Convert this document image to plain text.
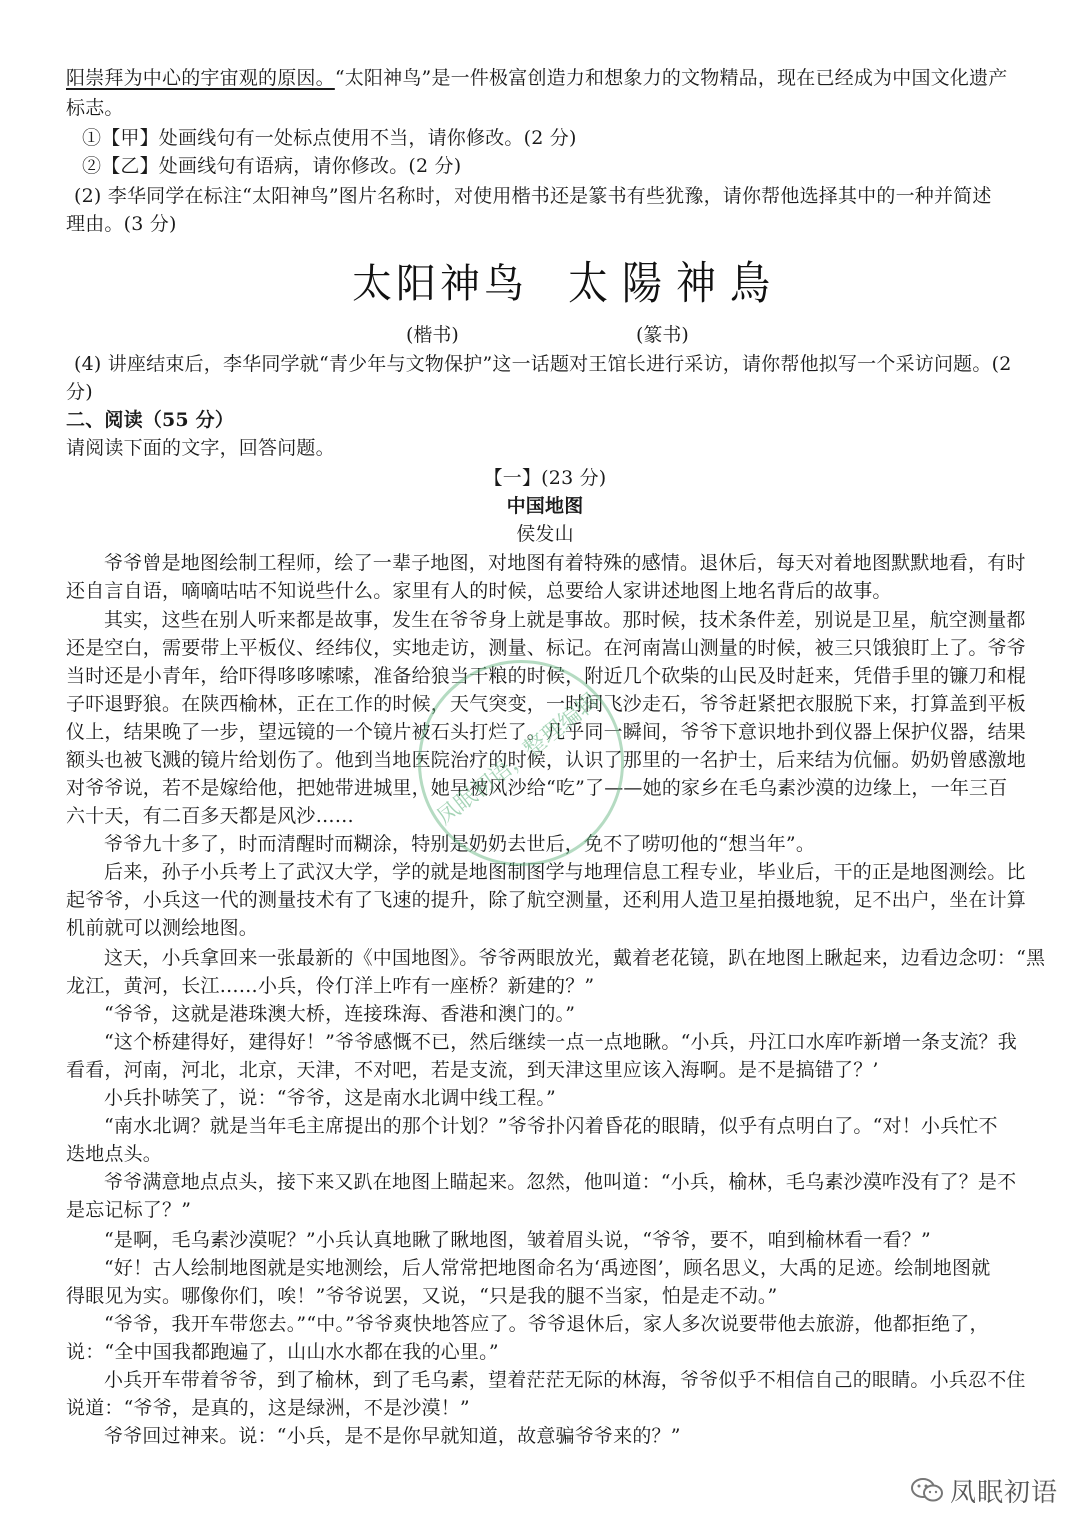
阳崇拜为中心的宇宙观的原因。“太阳神鸟”是一件极富创造力和想象力的文物精品，现在已经成为中国文化遗产
标志。
①【甲】处画线句有一处标点使用不当，请你修改。(2 分)
②【乙】处画线句有语病，请你修改。(2 分)
(2) 李华同学在标注“太阳神鸟”图片名称时，对使用楷书还是篆书有些犹豫，请你帮他选择其中的一种并简述
理由。(3 分)
太阳神鸟 太陽神鳥
(楷书)	(篆书)
(4) 讲座结束后，李华同学就“青少年与文物保护”这一话题对王馆长进行采访，请你帮他拟写一个采访问题。(2
分)
二、阅读（55 分）
请阅读下面的文字，回答问题。
【一】(23 分)
中国地图
侯发山
爷爷曾是地图绘制工程师，绘了一辈子地图，对地图有着特殊的感情。退休后，每天对着地图默默地看，有时
还自言自语，嘀嘀咕咕不知说些什么。家里有人的时候，总要给人家讲述地图上地名背后的故事。
其实，这些在别人听来都是故事，发生在爷爷身上就是事故。那时候，技术条件差，别说是卫星，航空测量都
还是空白，需要带上平板仪、经纬仪，实地走访，测量、标记。在河南嵩山测量的时候，被三只饿狼盯上了。爷爷
当时还是小青年，给吓得哆哆嗦嗦，准备给狼当干粮的时候，附近几个砍柴的山民及时赶来，凭借手里的镰刀和棍
子吓退野狼。在陕西榆林，正在工作的时候，天气突变，一时间飞沙走石，爷爷赶紧把衣服脱下来，打算盖到平板
仪上，结果晚了一步，望远镜的一个镜片被石头打烂了。几乎同一瞬间，爷爷下意识地扑到仪器上保护仪器，结果
额头也被飞溅的镜片给划伤了。他到当地医院治疗的时候，认识了那里的一名护士，后来结为伉俪。奶奶曾感激地
对爷爷说，若不是嫁给他，把她带进城里，她早被风沙给“吃”了——她的家乡在毛乌素沙漠的边缘上，一年三百
六十天，有二百多天都是风沙……
爷爷九十多了，时而清醒时而糊涂，特别是奶奶去世后，免不了唠叨他的“想当年”。
后来，孙子小兵考上了武汉大学，学的就是地图制图学与地理信息工程专业，毕业后，干的正是地图测绘。比
起爷爷，小兵这一代的测量技术有了飞速的提升，除了航空测量，还利用人造卫星拍摄地貌，足不出户，坐在计算
机前就可以测绘地图。
这天，小兵拿回来一张最新的《中国地图》。爷爷两眼放光，戴着老花镜，趴在地图上瞅起来，边看边念叨：“黑
龙江，黄河，长江……小兵，伶仃洋上咋有一座桥？新建的？”
“爷爷，这就是港珠澳大桥，连接珠海、香港和澳门的。”
“这个桥建得好，建得好！”爷爷感慨不已，然后继续一点一点地瞅。“小兵，丹江口水库咋新增一条支流？我
看看，河南，河北，北京，天津，不对吧，若是支流，到天津这里应该入海啊。是不是搞错了？’
小兵扑哧笑了，说：“爷爷，这是南水北调中线工程。”
“南水北调？就是当年毛主席提出的那个计划？”爷爷扑闪着昏花的眼睛，似乎有点明白了。“对！小兵忙不
迭地点头。
爷爷满意地点点头，接下来又趴在地图上瞄起来。忽然，他叫道：“小兵，榆林，毛乌素沙漠咋没有了？是不
是忘记标了？”
“是啊，毛乌素沙漠呢？”小兵认真地瞅了瞅地图，皱着眉头说，“爷爷，要不，咱到榆林看一看？”
“好！古人绘制地图就是实地测绘，后人常常把地图命名为‘禹迹图’，顾名思义，大禹的足迹。绘制地图就
得眼见为实。哪像你们，唉！”爷爷说罢，又说，“只是我的腿不当家，怕是走不动。”
“爷爷，我开车带您去。”“中。”爷爷爽快地答应了。爷爷退休后，家人多次说要带他去旅游，他都拒绝了，
说：“全中国我都跑遍了，山山水水都在我的心里。”
小兵开车带着爷爷，到了榆林，到了毛乌素，望着茫茫无际的林海，爷爷似乎不相信自己的眼睛。小兵忍不住
说道：“爷爷，是真的，这是绿洲，不是沙漠！”
爷爷回过神来。说：“小兵，是不是你早就知道，故意骗爷爷来的？”
凤眠初语，整理编辑
凤眠初语
